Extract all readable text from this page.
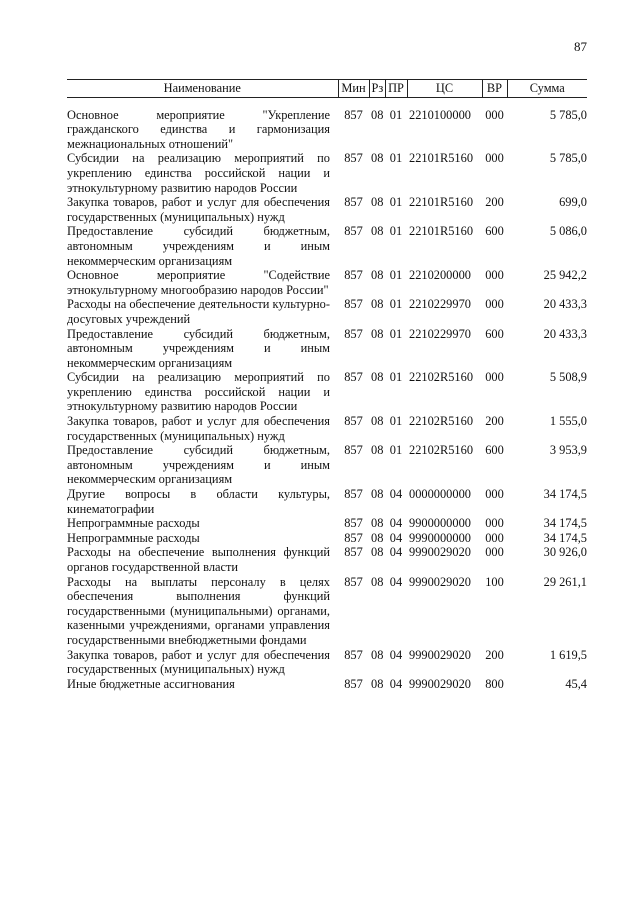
87
Наименование	Мин	Рз	ПР	ЦС	ВР	Сумма
Основное мероприятие "Укрепление гражданского единства и гармонизация межнациональных отношений"	857	08	01	2210100000	000	5 785,0
Субсидии на реализацию мероприятий по укреплению единства российской нации и этнокультурному развитию народов России	857	08	01	22101R5160	000	5 785,0
Закупка товаров, работ и услуг для обеспечения государственных (муниципальных) нужд	857	08	01	22101R5160	200	699,0
Предоставление субсидий бюджетным, автономным учреждениям и иным некоммерческим организациям	857	08	01	22101R5160	600	5 086,0
Основное мероприятие "Содействие этнокультурному многообразию народов России"	857	08	01	2210200000	000	25 942,2
Расходы на обеспечение деятельности культурно-досуговых учреждений	857	08	01	2210229970	000	20 433,3
Предоставление субсидий бюджетным, автономным учреждениям и иным некоммерческим организациям	857	08	01	2210229970	600	20 433,3
Субсидии на реализацию мероприятий по укреплению единства российской нации и этнокультурному развитию народов России	857	08	01	22102R5160	000	5 508,9
Закупка товаров, работ и услуг для обеспечения государственных (муниципальных) нужд	857	08	01	22102R5160	200	1 555,0
Предоставление субсидий бюджетным, автономным учреждениям и иным некоммерческим организациям	857	08	01	22102R5160	600	3 953,9
Другие вопросы в области культуры, кинематографии	857	08	04	0000000000	000	34 174,5
Непрограммные расходы	857	08	04	9900000000	000	34 174,5
Непрограммные расходы	857	08	04	9990000000	000	34 174,5
Расходы на обеспечение выполнения функций органов государственной власти	857	08	04	9990029020	000	30 926,0
Расходы на выплаты персоналу в целях обеспечения выполнения функций государственными (муниципальными) органами, казенными учреждениями, органами управления государственными внебюджетными фондами	857	08	04	9990029020	100	29 261,1
Закупка товаров, работ и услуг для обеспечения государственных (муниципальных) нужд	857	08	04	9990029020	200	1 619,5
Иные бюджетные ассигнования	857	08	04	9990029020	800	45,4
